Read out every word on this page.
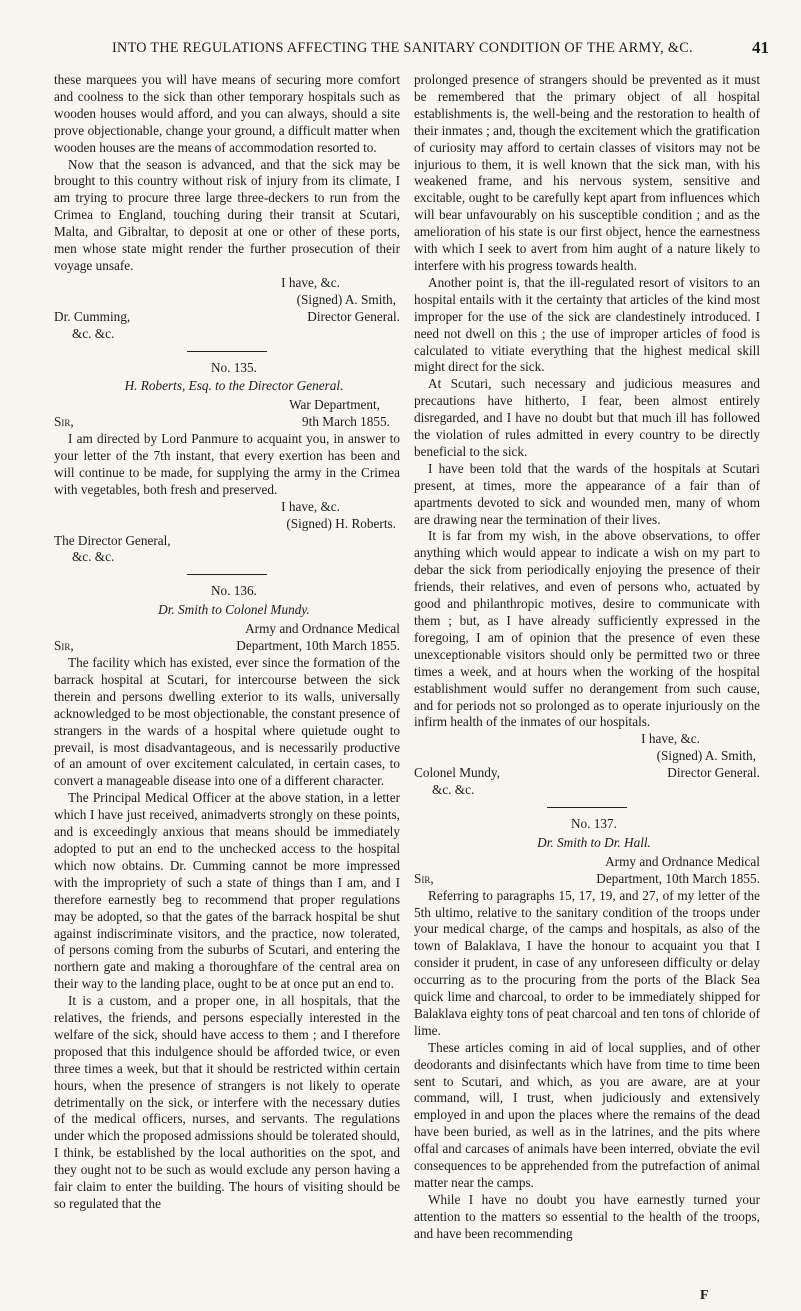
INTO THE REGULATIONS AFFECTING THE SANITARY CONDITION OF THE ARMY, &C.	41

these marquees you will have means of securing more comfort and coolness to the sick than other temporary hospitals such as wooden houses would afford, and you can always, should a site prove objectionable, change your ground, a difficult matter when wooden houses are the means of accommodation resorted to.

Now that the season is advanced, and that the sick may be brought to this country without risk of injury from its climate, I am trying to procure three large three-deckers to run from the Crimea to England, touching during their transit at Scutari, Malta, and Gibraltar, to deposit at one or other of these ports, men whose state might render the further prosecution of their voyage unsafe.

I have, &c.

(Signed) A. Smith,

Dr. Cumming,	Director General.

&c. &c.

No. 135.

H. Roberts, Esq. to the Director General.

War Department,

Sir,	9th March 1855.

I am directed by Lord Panmure to acquaint you, in answer to your letter of the 7th instant, that every exertion has been and will continue to be made, for supplying the army in the Crimea with vegetables, both fresh and preserved.

I have, &c.

(Signed) H. Roberts.

The Director General,

&c. &c.

No. 136.

Dr. Smith to Colonel Mundy.

Army and Ordnance Medical

Sir,	Department, 10th March 1855.

The facility which has existed, ever since the formation of the barrack hospital at Scutari, for intercourse between the sick therein and persons dwelling exterior to its walls, universally acknowledged to be most objectionable, the constant presence of strangers in the wards of a hospital where quietude ought to prevail, is most disadvantageous, and is necessarily productive of an amount of over excitement calculated, in certain cases, to convert a manageable disease into one of a different character.

The Principal Medical Officer at the above station, in a letter which I have just received, animadverts strongly on these points, and is exceedingly anxious that means should be immediately adopted to put an end to the unchecked access to the hospital which now obtains. Dr. Cumming cannot be more impressed with the impropriety of such a state of things than I am, and I therefore earnestly beg to recommend that proper regulations may be adopted, so that the gates of the barrack hospital be shut against indiscriminate visitors, and the practice, now tolerated, of persons coming from the suburbs of Scutari, and entering the northern gate and making a thoroughfare of the central area on their way to the landing place, ought to be at once put an end to.

It is a custom, and a proper one, in all hospitals, that the relatives, the friends, and persons especially interested in the welfare of the sick, should have access to them ; and I therefore proposed that this indulgence should be afforded twice, or even three times a week, but that it should be restricted within certain hours, when the presence of strangers is not likely to operate detrimentally on the sick, or interfere with the necessary duties of the medical officers, nurses, and servants. The regulations under which the proposed admissions should be tolerated should, I think, be established by the local authorities on the spot, and they ought not to be such as would exclude any person having a fair claim to enter the building. The hours of visiting should be so regulated that the

prolonged presence of strangers should be prevented as it must be remembered that the primary object of all hospital establishments is, the well-being and the restoration to health of their inmates ; and, though the excitement which the gratification of curiosity may afford to certain classes of visitors may not be injurious to them, it is well known that the sick man, with his weakened frame, and his nervous system, sensitive and excitable, ought to be carefully kept apart from influences which will bear unfavourably on his susceptible condition ; and as the amelioration of his state is our first object, hence the earnestness with which I seek to avert from him aught of a nature likely to interfere with his progress towards health.

Another point is, that the ill-regulated resort of visitors to an hospital entails with it the certainty that articles of the kind most improper for the use of the sick are clandestinely introduced. I need not dwell on this ; the use of improper articles of food is calculated to vitiate everything that the highest medical skill might direct for the sick.

At Scutari, such necessary and judicious measures and precautions have hitherto, I fear, been almost entirely disregarded, and I have no doubt but that much ill has followed the violation of rules admitted in every country to be directly beneficial to the sick.

I have been told that the wards of the hospitals at Scutari present, at times, more the appearance of a fair than of apartments devoted to sick and wounded men, many of whom are drawing near the termination of their lives.

It is far from my wish, in the above observations, to offer anything which would appear to indicate a wish on my part to debar the sick from periodically enjoying the presence of their friends, their relatives, and even of persons who, actuated by good and philanthropic motives, desire to communicate with them ; but, as I have already sufficiently expressed in the foregoing, I am of opinion that the presence of even these unexceptionable visitors should only be permitted two or three times a week, and at hours when the working of the hospital establishment would suffer no derangement from such cause, and for periods not so prolonged as to operate injuriously on the infirm health of the inmates of our hospitals.

I have, &c.

(Signed) A. Smith,

Colonel Mundy,	Director General.

&c. &c.

No. 137.

Dr. Smith to Dr. Hall.

Army and Ordnance Medical

Sir,	Department, 10th March 1855.

Referring to paragraphs 15, 17, 19, and 27, of my letter of the 5th ultimo, relative to the sanitary condition of the troops under your medical charge, of the camps and hospitals, as also of the town of Balaklava, I have the honour to acquaint you that I consider it prudent, in case of any unforeseen difficulty or delay occurring as to the procuring from the ports of the Black Sea quick lime and charcoal, to order to be immediately shipped for Balaklava eighty tons of peat charcoal and ten tons of chloride of lime.

These articles coming in aid of local supplies, and of other deodorants and disinfectants which have from time to time been sent to Scutari, and which, as you are aware, are at your command, will, I trust, when judiciously and extensively employed in and upon the places where the remains of the dead have been buried, as well as in the latrines, and the pits where offal and carcases of animals have been interred, obviate the evil consequences to be apprehended from the putrefaction of animal matter near the camps.

While I have no doubt you have earnestly turned your attention to the matters so essential to the health of the troops, and have been recommending

F
